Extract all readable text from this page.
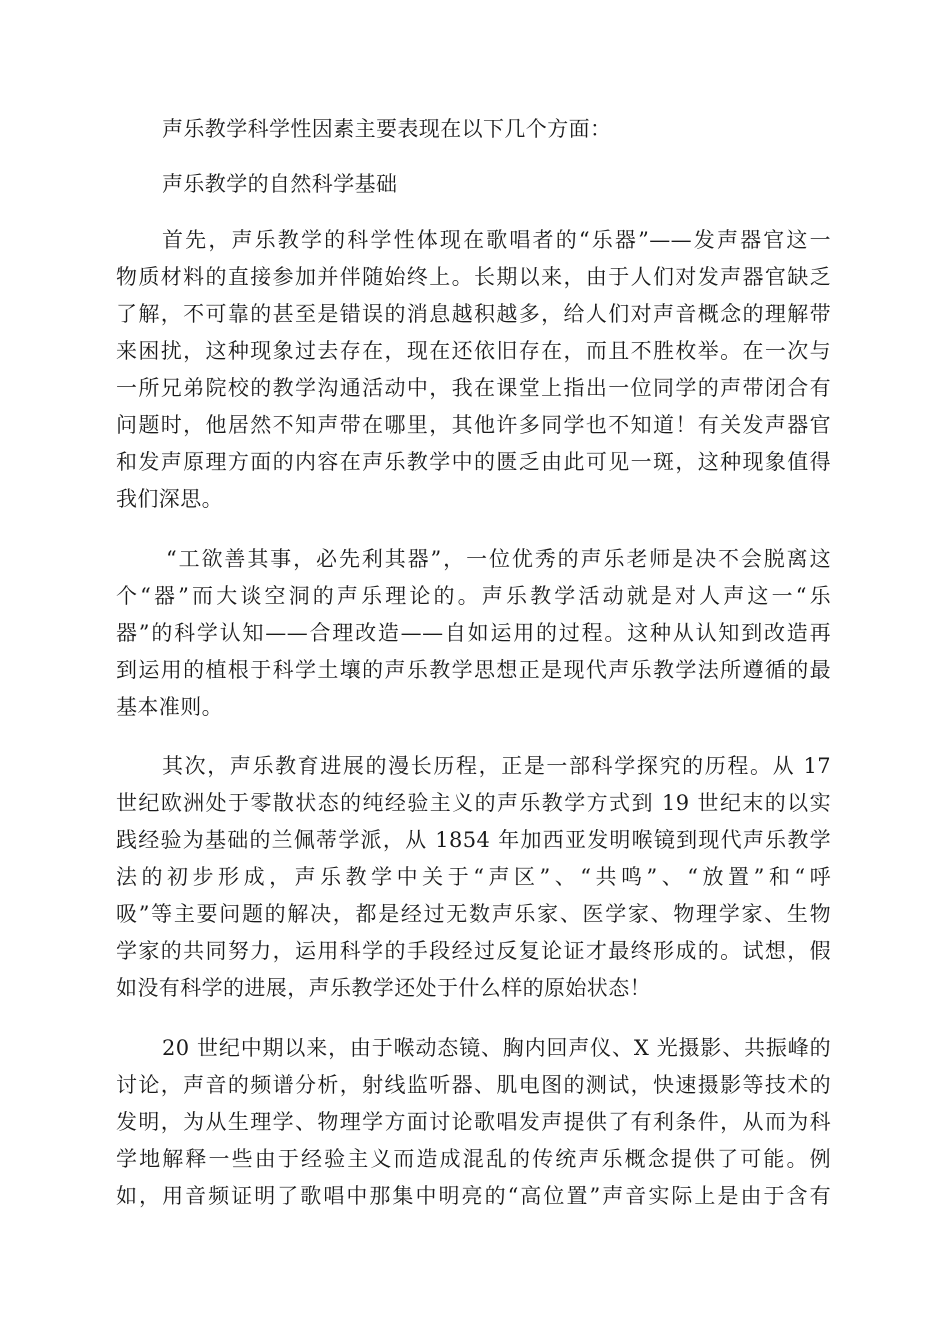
声乐教学科学性因素主要表现在以下几个方面：
声乐教学的自然科学基础
首先，声乐教学的科学性体现在歌唱者的“乐器”——发声器官这一
物质材料的直接参加并伴随始终上。长期以来，由于人们对发声器官缺乏
了解，不可靠的甚至是错误的消息越积越多，给人们对声音概念的理解带
来困扰，这种现象过去存在，现在还依旧存在，而且不胜枚举。在一次与
一所兄弟院校的教学沟通活动中，我在课堂上指出一位同学的声带闭合有
问题时，他居然不知声带在哪里，其他许多同学也不知道！有关发声器官
和发声原理方面的内容在声乐教学中的匮乏由此可见一斑，这种现象值得
我们深思。
“工欲善其事，必先利其器”，一位优秀的声乐老师是决不会脱离这
个“器”而大谈空洞的声乐理论的。声乐教学活动就是对人声这一“乐
器”的科学认知——合理改造——自如运用的过程。这种从认知到改造再
到运用的植根于科学土壤的声乐教学思想正是现代声乐教学法所遵循的最
基本准则。
其次，声乐教育进展的漫长历程，正是一部科学探究的历程。从 17
世纪欧洲处于零散状态的纯经验主义的声乐教学方式到 19 世纪末的以实
践经验为基础的兰佩蒂学派，从 1854 年加西亚发明喉镜到现代声乐教学
法的初步形成，声乐教学中关于“声区”、“共鸣”、“放置”和“呼
吸”等主要问题的解决，都是经过无数声乐家、医学家、物理学家、生物
学家的共同努力，运用科学的手段经过反复论证才最终形成的。试想，假
如没有科学的进展，声乐教学还处于什么样的原始状态！
20 世纪中期以来，由于喉动态镜、胸内回声仪、X 光摄影、共振峰的
讨论，声音的频谱分析，射线监听器、肌电图的测试，快速摄影等技术的
发明，为从生理学、物理学方面讨论歌唱发声提供了有利条件，从而为科
学地解释一些由于经验主义而造成混乱的传统声乐概念提供了可能。例
如，用音频证明了歌唱中那集中明亮的“高位置”声音实际上是由于含有
